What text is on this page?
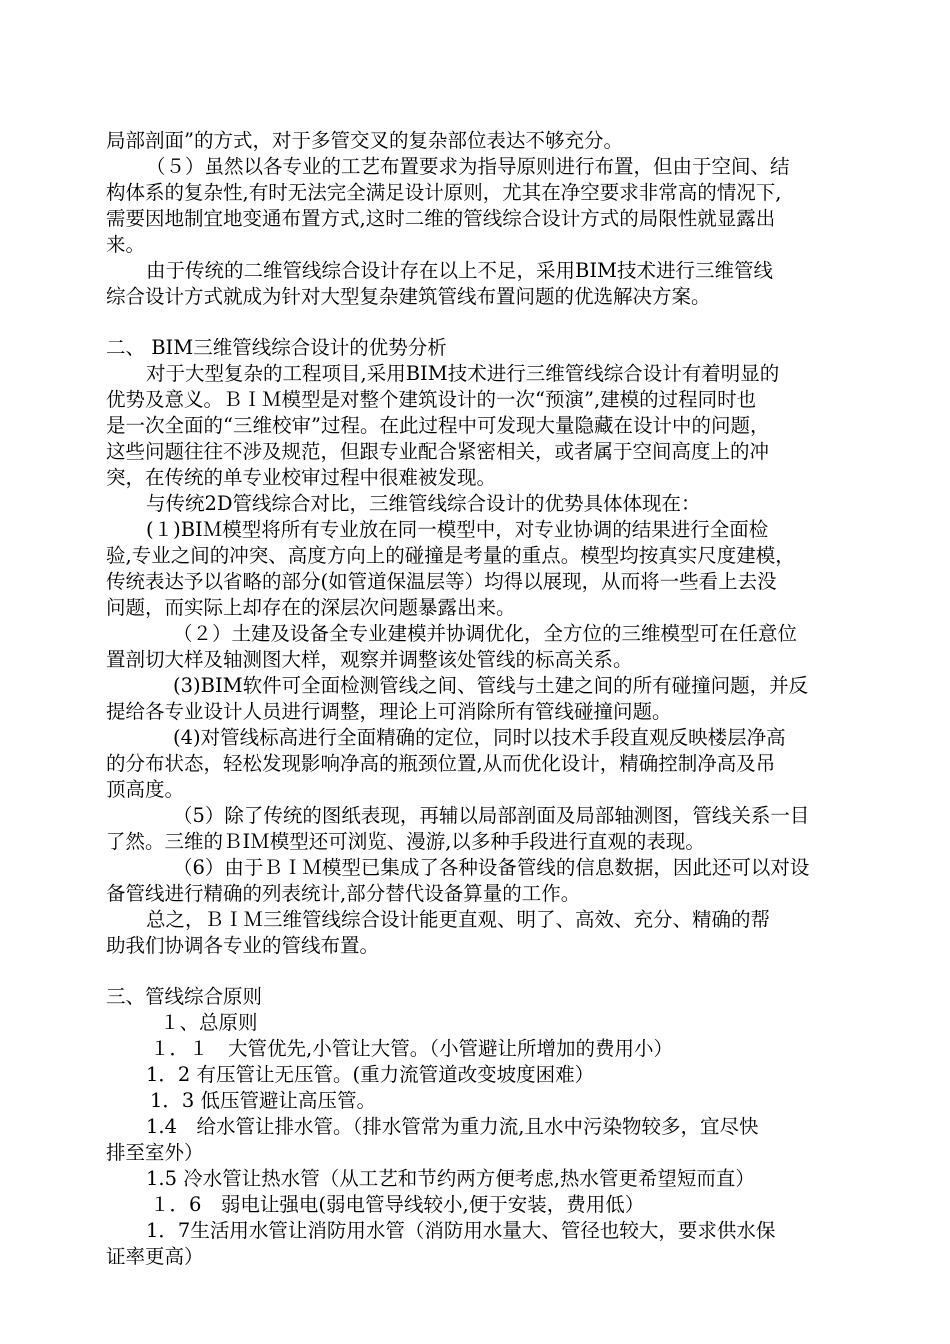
局部剖面”的方式，对于多管交叉的复杂部位表达不够充分。
（５）虽然以各专业的工艺布置要求为指导原则进行布置，但由于空间、结
构体系的复杂性,有时无法完全满足设计原则，尤其在净空要求非常高的情况下,
需要因地制宜地变通布置方式,这时二维的管线综合设计方式的局限性就显露出
来。
由于传统的二维管线综合设计存在以上不足，采用BIM技术进行三维管线
综合设计方式就成为针对大型复杂建筑管线布置问题的优选解决方案。
二、 BIM三维管线综合设计的优势分析
对于大型复杂的工程项目,采用BIM技术进行三维管线综合设计有着明显的
优势及意义。ＢＩＭ模型是对整个建筑设计的一次“预演”,建模的过程同时也
是一次全面的“三维校审”过程。在此过程中可发现大量隐藏在设计中的问题，
这些问题往往不涉及规范，但跟专业配合紧密相关，或者属于空间高度上的冲
突，在传统的单专业校审过程中很难被发现。
与传统2D管线综合对比，三维管线综合设计的优势具体体现在：
(１)BIＭ模型将所有专业放在同一模型中，对专业协调的结果进行全面检
验,专业之间的冲突、高度方向上的碰撞是考量的重点。模型均按真实尺度建模，
传统表达予以省略的部分(如管道保温层等）均得以展现，从而将一些看上去没
问题，而实际上却存在的深层次问题暴露出来。
（２）土建及设备全专业建模并协调优化，全方位的三维模型可在任意位
置剖切大样及轴测图大样，观察并调整该处管线的标高关系。
(3)BIM软件可全面检测管线之间、管线与土建之间的所有碰撞问题，并反
提给各专业设计人员进行调整，理论上可消除所有管线碰撞问题。
(4)对管线标高进行全面精确的定位，同时以技术手段直观反映楼层净高
的分布状态，轻松发现影响净高的瓶颈位置,从而优化设计，精确控制净高及吊
顶高度。
（5）除了传统的图纸表现，再辅以局部剖面及局部轴测图，管线关系一目
了然。三维的ＢIＭ模型还可浏览、漫游,以多种手段进行直观的表现。
（6）由于ＢＩＭ模型已集成了各种设备管线的信息数据，因此还可以对设
备管线进行精确的列表统计,部分替代设备算量的工作。
总之，ＢＩＭ三维管线综合设计能更直观、明了、高效、充分、精确的帮
助我们协调各专业的管线布置。
三、管线综合原则
１、总原则
１．１　大管优先,小管让大管。（小管避让所增加的费用小）
1．2 有压管让无压管。(重力流管道改变坡度困难）
1．3 低压管避让高压管。
1.4　给水管让排水管。（排水管常为重力流,且水中污染物较多，宜尽快
排至室外）
1.5 冷水管让热水管（从工艺和节约两方便考虑,热水管更希望短而直）
１．6　弱电让强电(弱电管导线较小,便于安装，费用低）
1．7生活用水管让消防用水管（消防用水量大、管径也较大，要求供水保
证率更高）
